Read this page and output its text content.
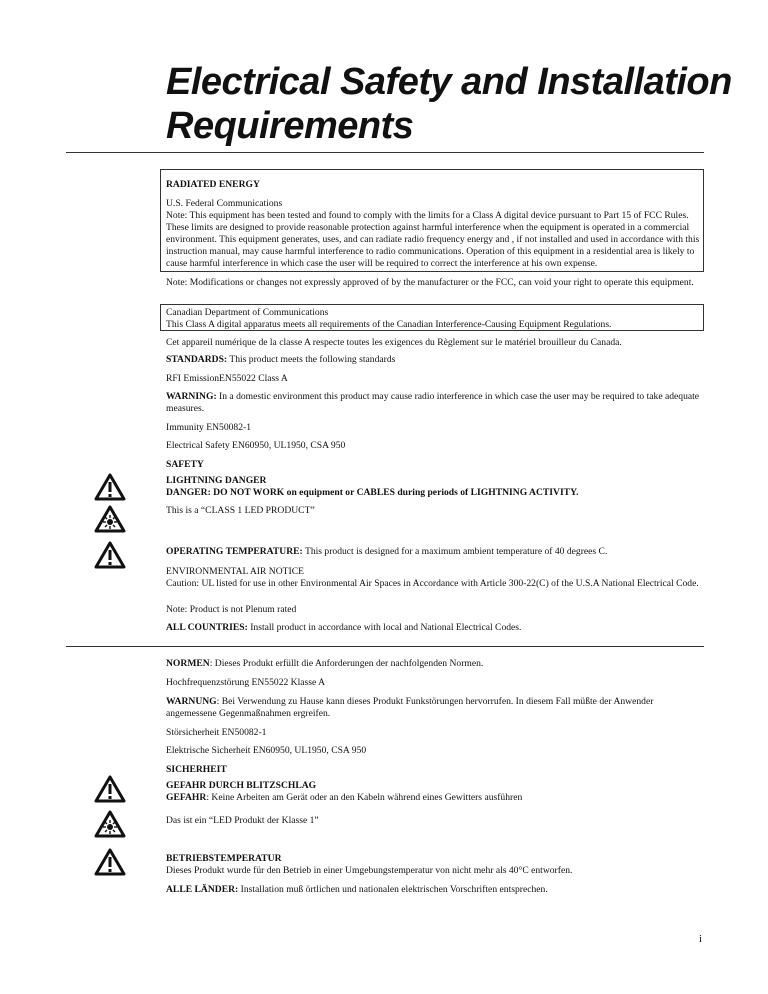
Electrical Safety and Installation
Requirements

RADIATED ENERGY

U.S. Federal Communications

Note: This equipment has been tested and found to comply with the limits for a Class A digital device pursuant to Part 15 of FCC Rules. These limits are designed to provide reasonable protection against harmful interference when the equipment is operated in a commercial environment. This equipment generates, uses, and can radiate radio frequency energy and , if not installed and used in accordance with this instruction manual, may cause harmful interference to radio communications. Operation of this equipment in a residential area is likely to cause harmful interference in which case the user will be required to correct the interference at his own expense.

Note: Modifications or changes not expressly approved of by the manufacturer or the FCC, can void your right to operate this equipment.

Canadian Department of Communications

This Class A digital apparatus meets all requirements of the Canadian Interference-Causing Equipment Regulations.

Cet appareil numérique de la classe A respecte toutes les exigences du Règlement sur le matériel brouilleur du Canada.

STANDARDS: This product meets the following standards

RFI EmissionEN55022 Class A

WARNING: In a domestic environment this product may cause radio interference in which case the user may be required to take adequate measures.

Immunity EN50082-1

Electrical Safety EN60950, UL1950, CSA 950

SAFETY

LIGHTNING DANGER

DANGER: DO NOT WORK on equipment or CABLES during periods of LIGHTNING ACTIVITY.

This is a “CLASS 1 LED PRODUCT”

OPERATING TEMPERATURE: This product is designed for a maximum ambient temperature of 40 degrees C.

ENVIRONMENTAL AIR NOTICE

Caution: UL listed for use in other Environmental Air Spaces in Accordance with Article 300-22(C) of the U.S.A National Electrical Code.

Note: Product is not Plenum rated

ALL COUNTRIES: Install product in accordance with local and National Electrical Codes.

NORMEN: Dieses Produkt erfüllt die Anforderungen der nachfolgenden Normen.

Hochfrequenzstörung EN55022 Klasse A

WARNUNG: Bei Verwendung zu Hause kann dieses Produkt Funkstörungen hervorrufen. In diesem Fall müßte der Anwender angemessene Gegenmaßnahmen ergreifen.

Störsicherheit EN50082-1

Elektrische Sicherheit EN60950, UL1950, CSA 950

SICHERHEIT

GEFAHR DURCH BLITZSCHLAG

GEFAHR: Keine Arbeiten am Gerät oder an den Kabeln während eines Gewitters ausführen

Das ist ein “LED Produkt der Klasse 1”

BETRIEBSTEMPERATUR

Dieses Produkt wurde für den Betrieb in einer Umgebungstemperatur von nicht mehr als 40°C entworfen.

ALLE LÄNDER: Installation muß örtlichen und nationalen elektrischen Vorschriften entsprechen.

i
